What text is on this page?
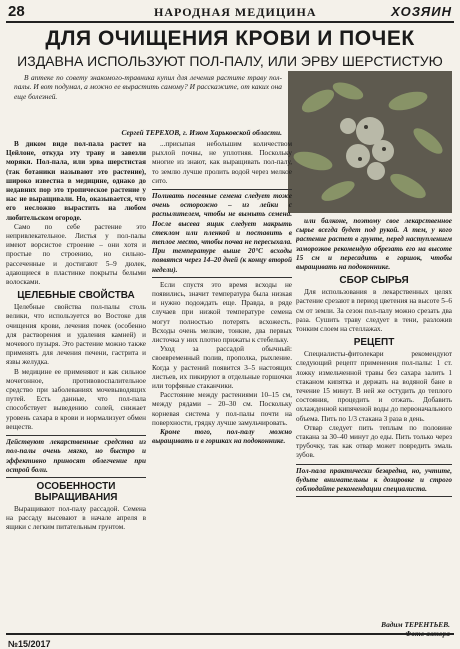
28	НАРОДНАЯ МЕДИЦИНА	ХОЗЯИН
ДЛЯ ОЧИЩЕНИЯ КРОВИ И ПОЧЕК
ИЗДАВНА ИСПОЛЬЗУЮТ ПОЛ-ПАЛУ, ИЛИ ЭРВУ ШЕРСТИСТУЮ

В аптеке по совету знакомого-травника купил для лечения растите траву пол-палы. И вот подумал, а можно ее вырастить самому? И расскажите, от каких она еще болезней.

Сергей ТЕРЕХОВ, г. Изюм Харьковской области.

В диком виде пол-пала растет на Цейлоне, откуда эту траву и завезли моряки. Пол-пала, или эрва шерстистая (так ботаники называют это растение), широко известна в медицине, однако до недавних пор это тропическое растение у нас не выращивали. Но, оказывается, что его несложно вырастить на любом любительском огороде.

Само по себе растение это непривлекательное. Листья у пол-палы имеют ворсистое строение – они хотя и простые по строению, но сильно-рассеченные и достигают 5–9 дюлек, адающиеся в пластинке покрыты белыми волосками.

ЦЕЛЕБНЫЕ СВОЙСТВА

Целебные свойства пол-палы столь велики, что используется во Востоке для очищения крови, лечения почек (особенно для растворения и удаления камней) и мочевого пузыря. Это растение можно также применять для лечения печени, гастрита и язвы желудка.

В медицине ее применяют и как сильное мочегонное, противовоспалительное средство при заболеваниях мочевыводящих путей. Есть данные, что пол-пала способствует выведению солей, снижает уровень сахара в крови и нормализует обмен веществ.

Действуют лекарственные средства из пол-палы очень мягко, но быстро и эффективно приносят облегчение при острой боли.
ОСОБЕННОСТИ ВЫРАЩИВАНИЯ

Выращивают пол-палу рассадой. Семена на рассаду высевают в начале апреля в ящики с легким питательным грунтом.

...присыпая небольшим количеством рыхлой почвы, не уплотняя. Поскольку многие из знают, как выращивать пол-палу, то землю лучше пролить водой через мелкое сито.

Поливать посевные семена следует тоже очень осторожно – из лейки с распылителем, чтобы не вымыть семена. После высева ящик следует накрыть стеклом или пленкой и поставить в теплое место, чтобы почва не пересыхала. При температуре выше 20°С всходы появятся через 14–20 дней (к концу второй недели).

Если спустя это время всходы не появились, значит температура была низкая и нужно подождать еще. Правда, в ряде случаев при низкой температуре семена могут полностью потерять всхожесть. Всходы очень мелкие, тонкие, два первых листочка у них плотно прижаты к стебельку.

Уход за рассадой обычный: своевременный полив, прополка, рыхление. Когда у растений появится 3–5 настоящих листьев, их пикируют в отдельные горшочки или торфяные стаканчики.

Расстояние между растениями 10–15 см, между рядами – 20–30 см. Поскольку корневая система у пол-палы почти на поверхности, грядку лучше замульчировать.

Кроме того, пол-палу можно выращивать и в горшках на подоконнике.

или балконе, поэтому свое лекарственное сырье всегда будет под рукой. А тем, у кого растение растет в грунте, перед наступлением заморозков рекомендую обрезать его на высоте 15 см и пересадить в горшок, чтобы выращивать на подоконнике.

СБОР СЫРЬЯ

Для использования в лекарственных целях растение срезают в период цветения на высоте 5–6 см от земли. За сезон пол-палу можно срезать два раза. Сушить траву следует в тени, разложив тонким слоем на стеллажах.

РЕЦЕПТ

Специалисты-фитолекари рекомендуют следующий рецепт применения пол-палы: 1 ст. ложку измельченной травы без сахара залить 1 стаканом кипятка и держать на водяной бане в течение 15 минут. В ней же остудить до теплого состояния, процедить и отжать. Добавить охлажденной кипяченой воды до первоначального объема. Пить по 1/3 стакана 3 раза в день.

Отвар следует пить теплым по половине стакана за 30–40 минут до еды. Пить только через трубочку, так как отвар может повредить эмаль зубов.

Пол-пала практически безвредна, но, учтите, будьте внимательны к дозировке и строго соблюдайте рекомендации специалиста.
Вадим ТЕРЕНТЬЕВ.
Фото автора
№15/2017
